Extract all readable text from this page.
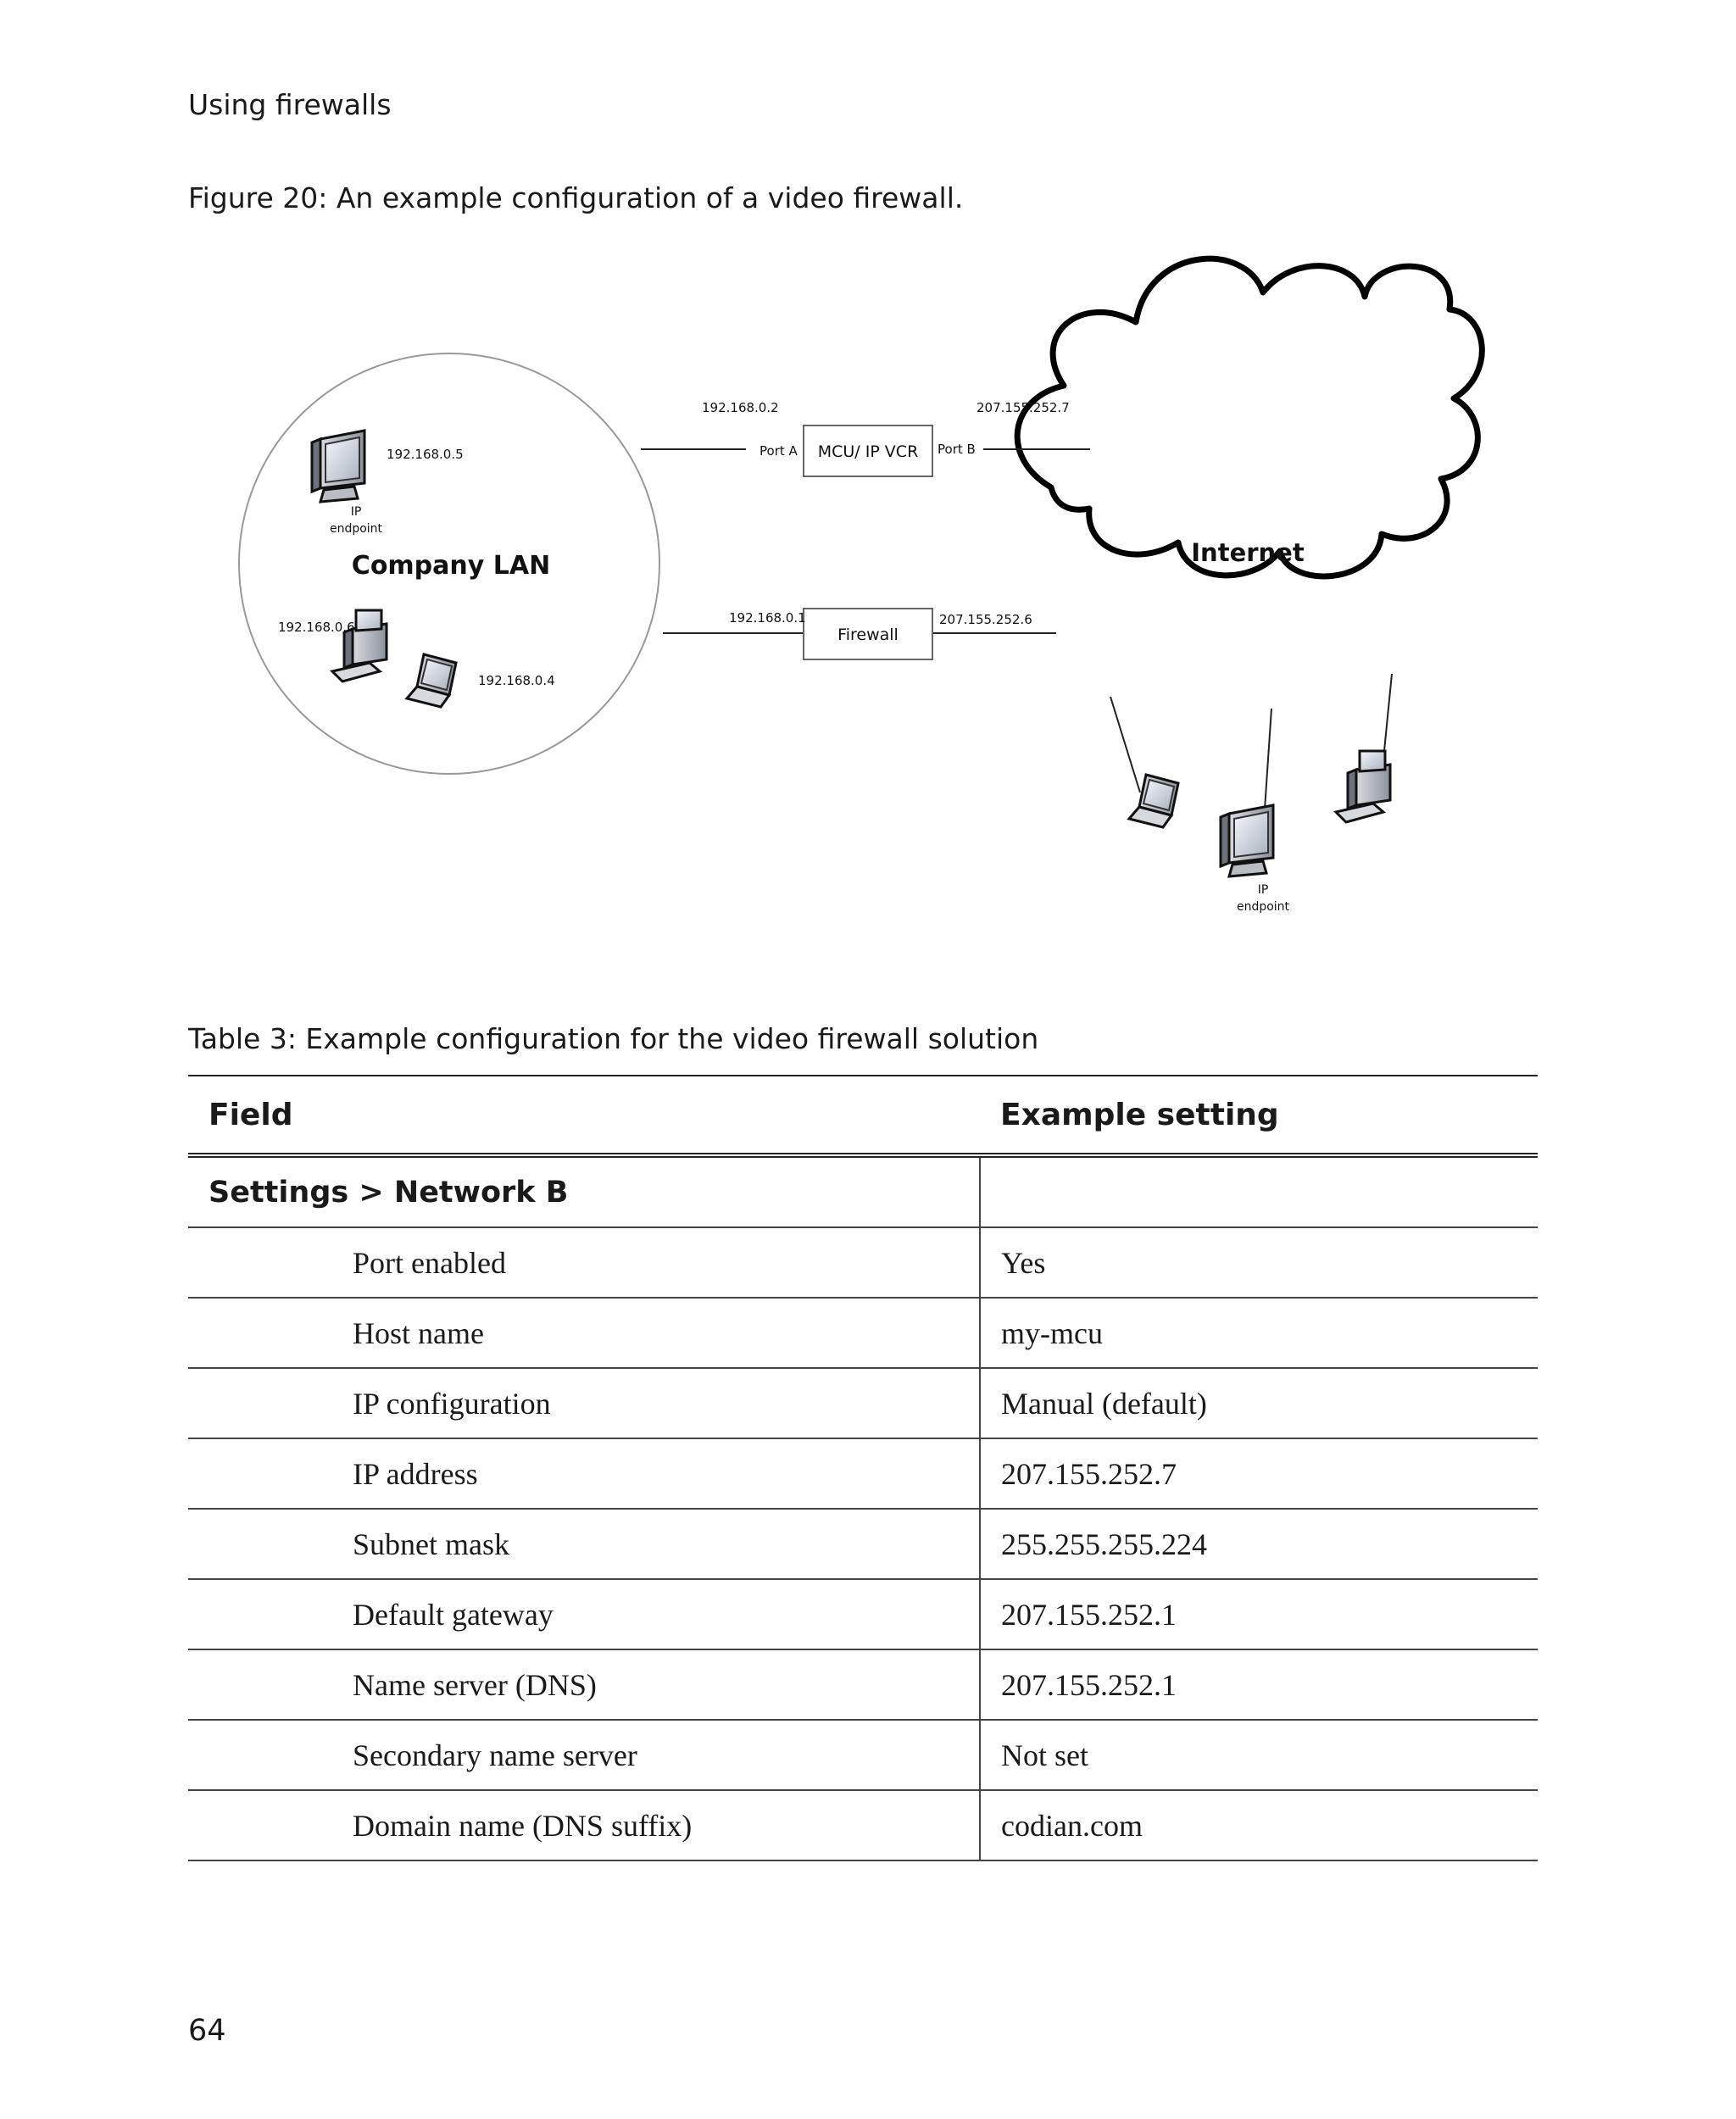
Using firewalls
Figure 20: An example configuration of a video firewall.
192.168.0.5
IP
endpoint
Company LAN
192.168.0.6
192.168.0.4
192.168.0.2	207.155.252.7
Port A	Port B
MCU/ IP VCR
192.168.0.1	207.155.252.6
Firewall
Internet
IP
endpoint
Table 3: Example configuration for the video firewall solution
Field	Example setting
Settings > Network B	
Port enabled	Yes
Host name	my-mcu
IP configuration	Manual (default)
IP address	207.155.252.7
Subnet mask	255.255.255.224
Default gateway	207.155.252.1
Name server (DNS)	207.155.252.1
Secondary name server	Not set
Domain name (DNS suffix)	codian.com
64
